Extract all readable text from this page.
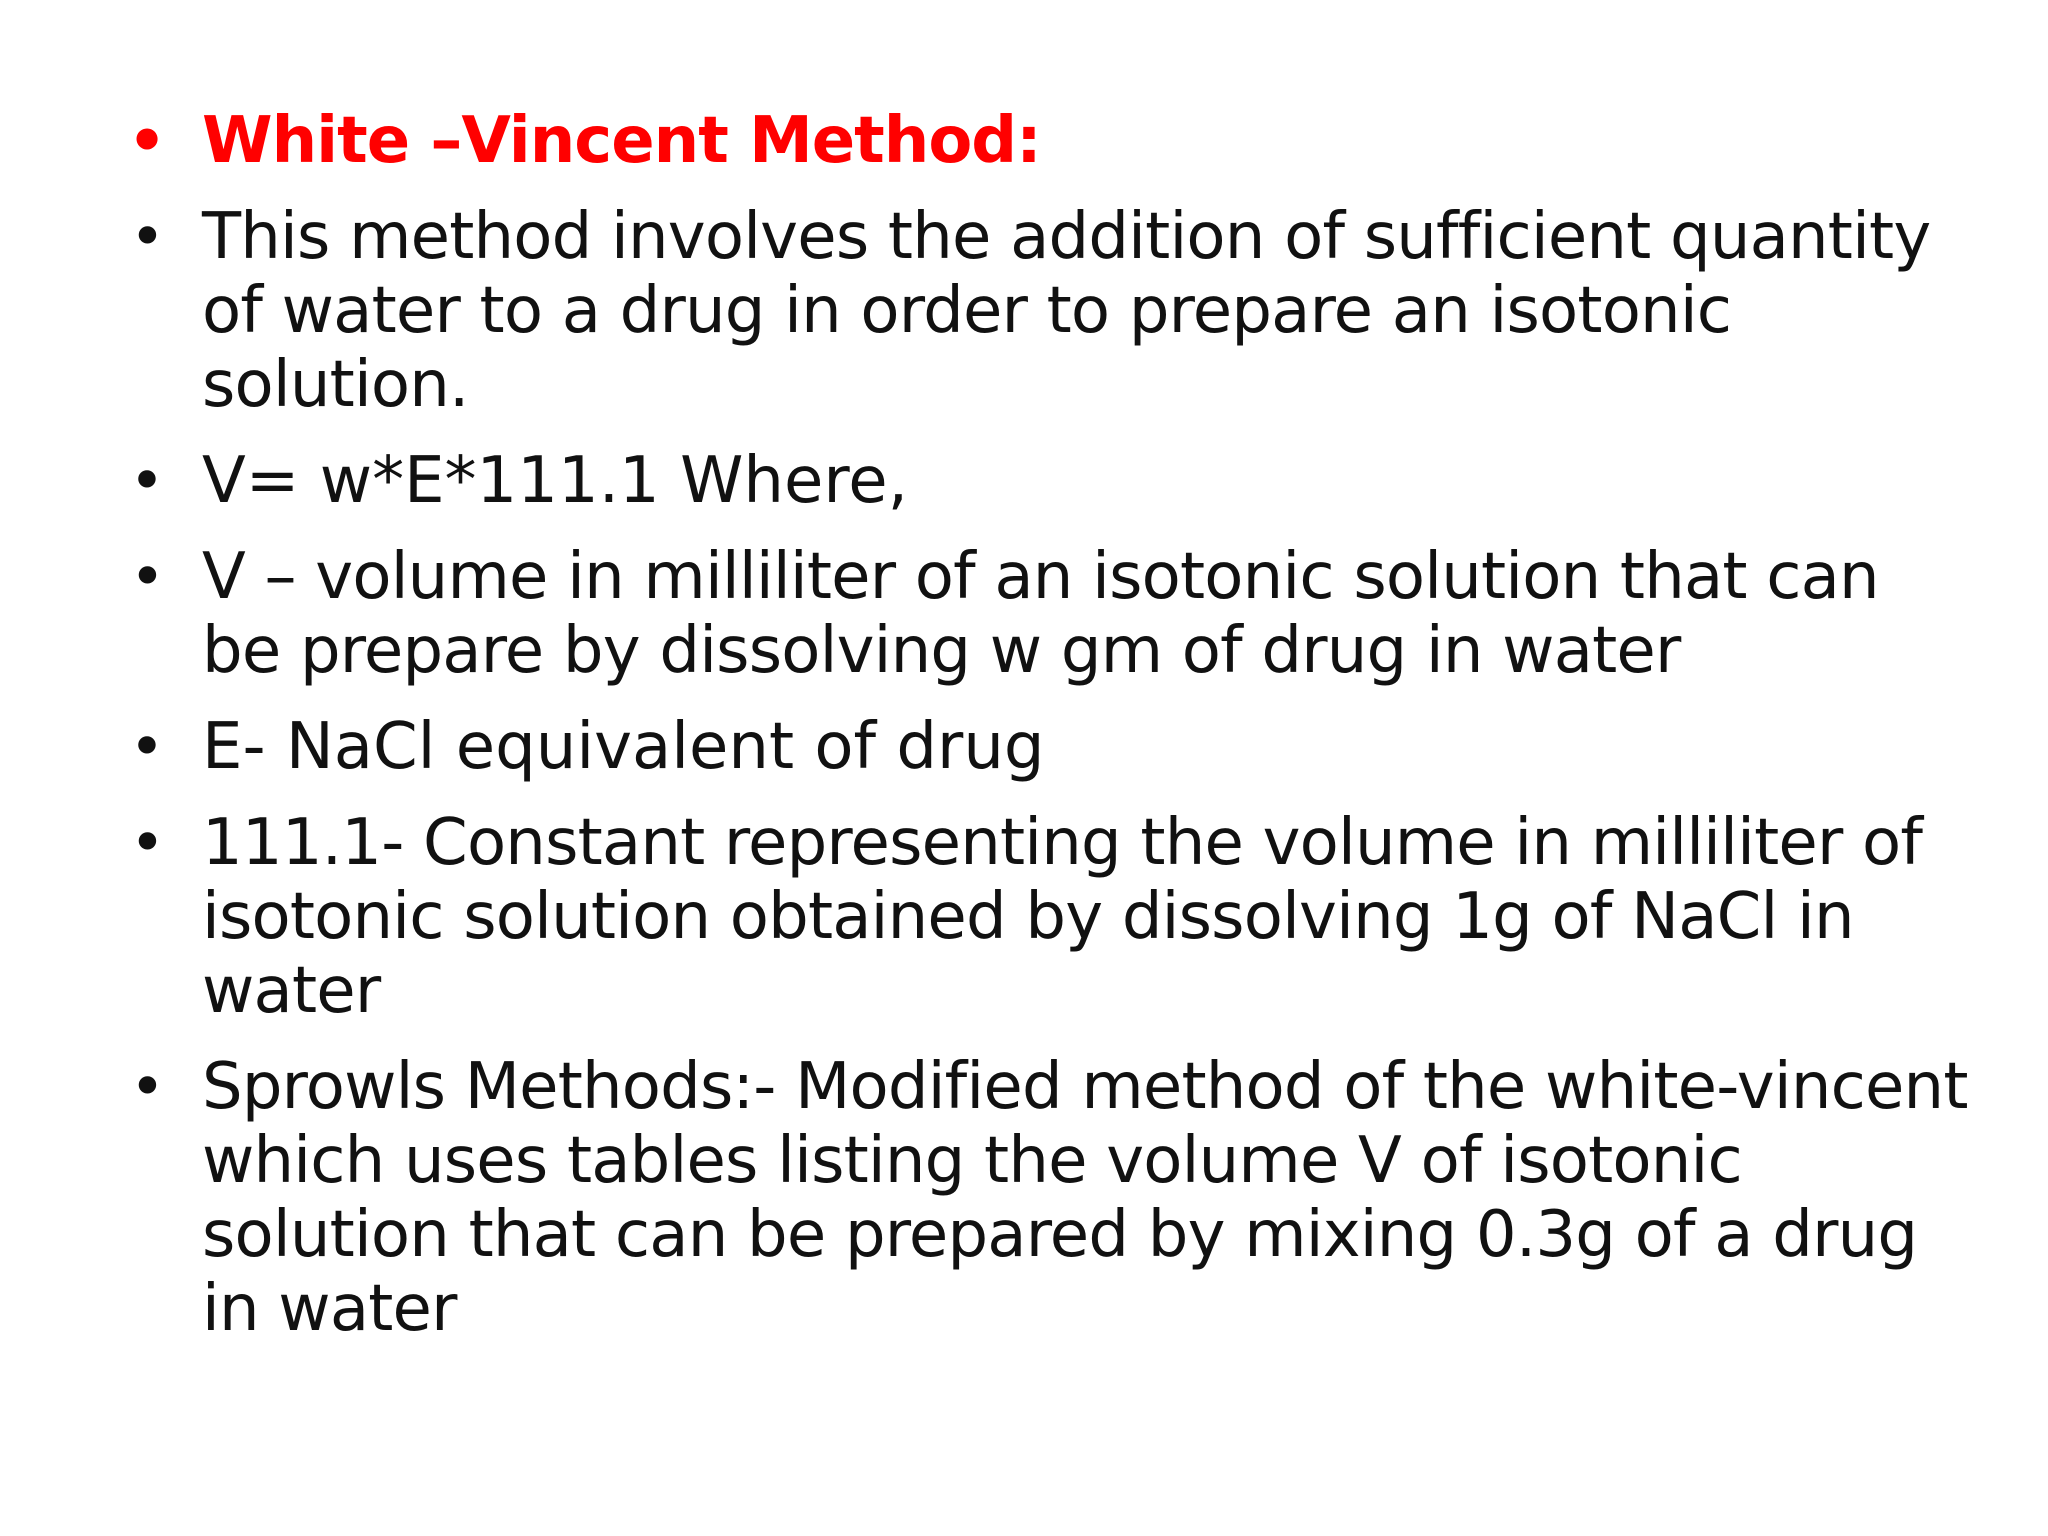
• White –Vincent Method:
• This method involves the addition of sufficient quantity of water to a drug in order to prepare an isotonic solution.
• V= w*E*111.1 Where,
• V – volume in milliliter of an isotonic solution that can be prepare by dissolving w gm of drug in water
• E- NaCl equivalent of drug
• 111.1- Constant representing the volume in milliliter of isotonic solution obtained by dissolving 1g of NaCl in water
• Sprowls Methods:- Modified method of the white-vincent which uses tables listing the volume V of isotonic solution that can be prepared by mixing 0.3g of a drug in water
